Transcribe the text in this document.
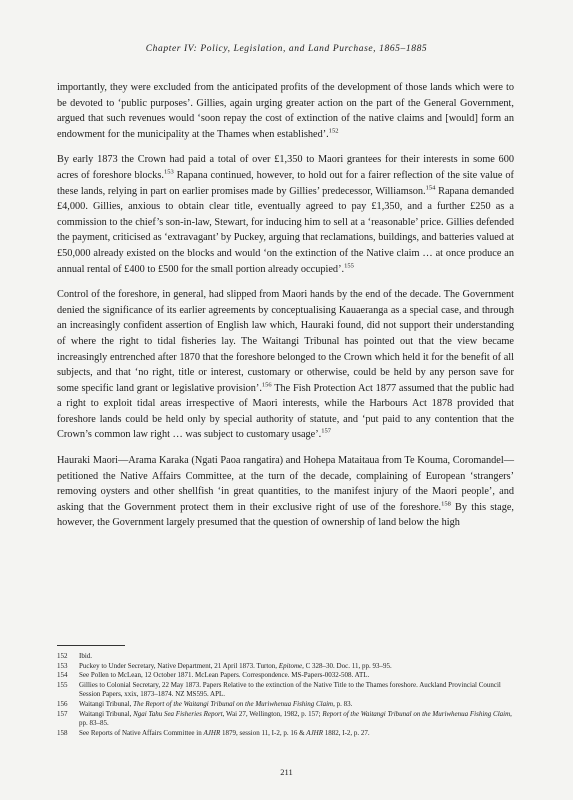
Chapter IV: Policy, Legislation, and Land Purchase, 1865–1885

importantly, they were excluded from the anticipated profits of the development of those lands which were to be devoted to ‘public purposes’. Gillies, again urging greater action on the part of the General Government, argued that such revenues would ‘soon repay the cost of extinction of the native claims and [would] form an endowment for the municipality at the Thames when established’.$^{152}$

By early 1873 the Crown had paid a total of over £1,350 to Maori grantees for their interests in some 600 acres of foreshore blocks.$^{153}$ Rapana continued, however, to hold out for a fairer reflection of the site value of these lands, relying in part on earlier promises made by Gillies’ predecessor, Williamson.$^{154}$ Rapana demanded £4,000. Gillies, anxious to obtain clear title, eventually agreed to pay £1,350, and a further £250 as a commission to the chief’s son-in-law, Stewart, for inducing him to sell at a ‘reasonable’ price. Gillies defended the payment, criticised as ‘extravagant’ by Puckey, arguing that reclamations, buildings, and batteries valued at £50,000 already existed on the blocks and would ‘on the extinction of the Native claim … at once produce an annual rental of £400 to £500 for the small portion already occupied’.$^{155}$

Control of the foreshore, in general, had slipped from Maori hands by the end of the decade. The Government denied the significance of its earlier agreements by conceptualising Kauaeranga as a special case, and through an increasingly confident assertion of English law which, Hauraki found, did not support their understanding of where the right to tidal fisheries lay. The Waitangi Tribunal has pointed out that the view became increasingly entrenched after 1870 that the foreshore belonged to the Crown which held it for the benefit of all subjects, and that ‘no right, title or interest, customary or otherwise, could be held by any person save for some specific land grant or legislative provision’.$^{156}$ The Fish Protection Act 1877 assumed that the public had a right to exploit tidal areas irrespective of Maori interests, while the Harbours Act 1878 provided that foreshore lands could be held only by special authority of statute, and ‘put paid to any contention that the Crown’s common law right … was subject to customary usage’.$^{157}$

Hauraki Maori—Arama Karaka (Ngati Paoa rangatira) and Hohepa Mataitaua from Te Kouma, Coromandel—petitioned the Native Affairs Committee, at the turn of the decade, complaining of European ‘strangers’ removing oysters and other shellfish ‘in great quantities, to the manifest injury of the Maori people’, and asking that the Government protect them in their exclusive right of use of the foreshore.$^{158}$ By this stage, however, the Government largely presumed that the question of ownership of land below the high

152	Ibid.
153	Puckey to Under Secretary, Native Department, 21 April 1873. Turton, Epitome, C 328–30. Doc. 11, pp. 93–95.
154	See Pollen to McLean, 12 October 1871. McLean Papers. Correspondence. MS-Papers-0032-508. ATL.
155	Gillies to Colonial Secretary, 22 May 1873. Papers Relative to the extinction of the Native Title to the Thames foreshore. Auckland Provincial Council Session Papers, xxix, 1873–1874. NZ MS595. APL.
156	Waitangi Tribunal, The Report of the Waitangi Tribunal on the Muriwhenua Fishing Claim, p. 83.
157	Waitangi Tribunal, Ngai Tahu Sea Fisheries Report, Wai 27, Wellington, 1982, p. 157; Report of the Waitangi Tribunal on the Muriwhenua Fishing Claim, pp. 83–85.
158	See Reports of Native Affairs Committee in AJHR 1879, session 11, I-2, p. 16 & AJHR 1882, I-2, p. 27.
211
